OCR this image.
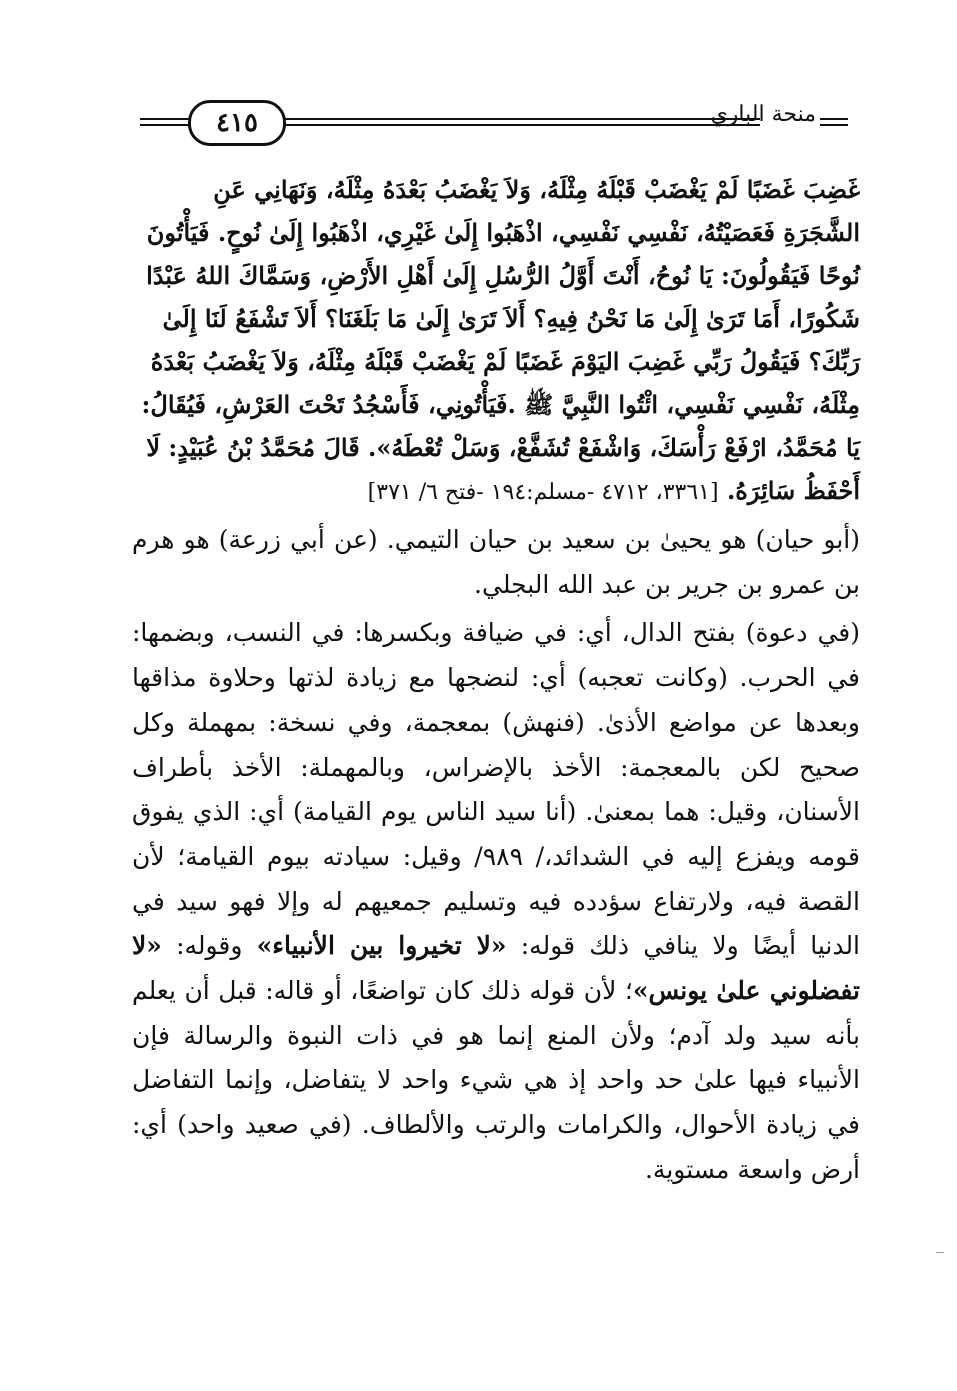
٤١٥	منحة الباري

غَضِبَ غَضَبًا لَمْ يَغْضَبْ قَبْلَهُ مِثْلَهُ، وَلاَ يَغْضَبُ بَعْدَهُ مِثْلَهُ، وَنَهَانِي عَنِ

الشَّجَرَةِ فَعَصَيْتُهُ، نَفْسِي نَفْسِي، اذْهَبُوا إِلَىٰ غَيْرِي، اذْهَبُوا إِلَىٰ نُوحٍ. فَيَأْتُونَ

نُوحًا فَيَقُولُونَ: يَا نُوحُ، أَنْتَ أَوَّلُ الرُّسُلِ إِلَىٰ أَهْلِ الأَرْضِ، وَسَمَّاكَ اللهُ عَبْدًا

شَكُورًا، أَمَا تَرَىٰ إِلَىٰ مَا نَحْنُ فِيهِ؟ أَلاَ تَرَىٰ إِلَىٰ مَا بَلَغَنَا؟ أَلاَ تَشْفَعُ لَنَا إِلَىٰ

رَبِّكَ؟ فَيَقُولُ رَبِّي غَضِبَ اليَوْمَ غَضَبًا لَمْ يَغْضَبْ قَبْلَهُ مِثْلَهُ، وَلاَ يَغْضَبُ بَعْدَهُ

مِثْلَهُ، نَفْسِي نَفْسِي، ائْتُوا النَّبِيَّ ﷺ .فَيَأْتُونِي، فَأَسْجُدُ تَحْتَ العَرْشِ، فَيُقَالُ:

يَا مُحَمَّدُ، ارْفَعْ رَأْسَكَ، وَاشْفَعْ تُشَفَّعْ، وَسَلْ تُعْطَهُ». قَالَ مُحَمَّدُ بْنُ عُبَيْدٍ: لَا

أَحْفَظُ سَائِرَهُ. [٣٣٦١، ٤٧١٢ -مسلم:١٩٤ -فتح ٦/ ٣٧١]

(أبو حيان) هو يحيىٰ بن سعيد بن حيان التيمي. (عن أبي زرعة) هو هرم بن عمرو بن جرير بن عبد الله البجلي.

(في دعوة) بفتح الدال، أي: في ضيافة وبكسرها: في النسب، وبضمها: في الحرب. (وكانت تعجبه) أي: لنضجها مع زيادة لذتها وحلاوة مذاقها وبعدها عن مواضع الأذىٰ. (فنهش) بمعجمة، وفي نسخة: بمهملة وكل صحيح لكن بالمعجمة: الأخذ بالإضراس، وبالمهملة: الأخذ بأطراف الأسنان، وقيل: هما بمعنىٰ. (أنا سيد الناس يوم القيامة) أي: الذي يفوق قومه ويفزع إليه في الشدائد،/ ٩٨٩/ وقيل: سيادته بيوم القيامة؛ لأن القصة فيه، ولارتفاع سؤدده فيه وتسليم جمعيهم له وإلا فهو سيد في الدنيا أيضًا ولا ينافي ذلك قوله: «لا تخيروا بين الأنبياء» وقوله: «لا تفضلوني علىٰ يونس»؛ لأن قوله ذلك كان تواضعًا، أو قاله: قبل أن يعلم بأنه سيد ولد آدم؛ ولأن المنع إنما هو في ذات النبوة والرسالة فإن الأنبياء فيها علىٰ حد واحد إذ هي شيء واحد لا يتفاضل، وإنما التفاضل في زيادة الأحوال، والكرامات والرتب والألطاف. (في صعيد واحد) أي: أرض واسعة مستوية.
